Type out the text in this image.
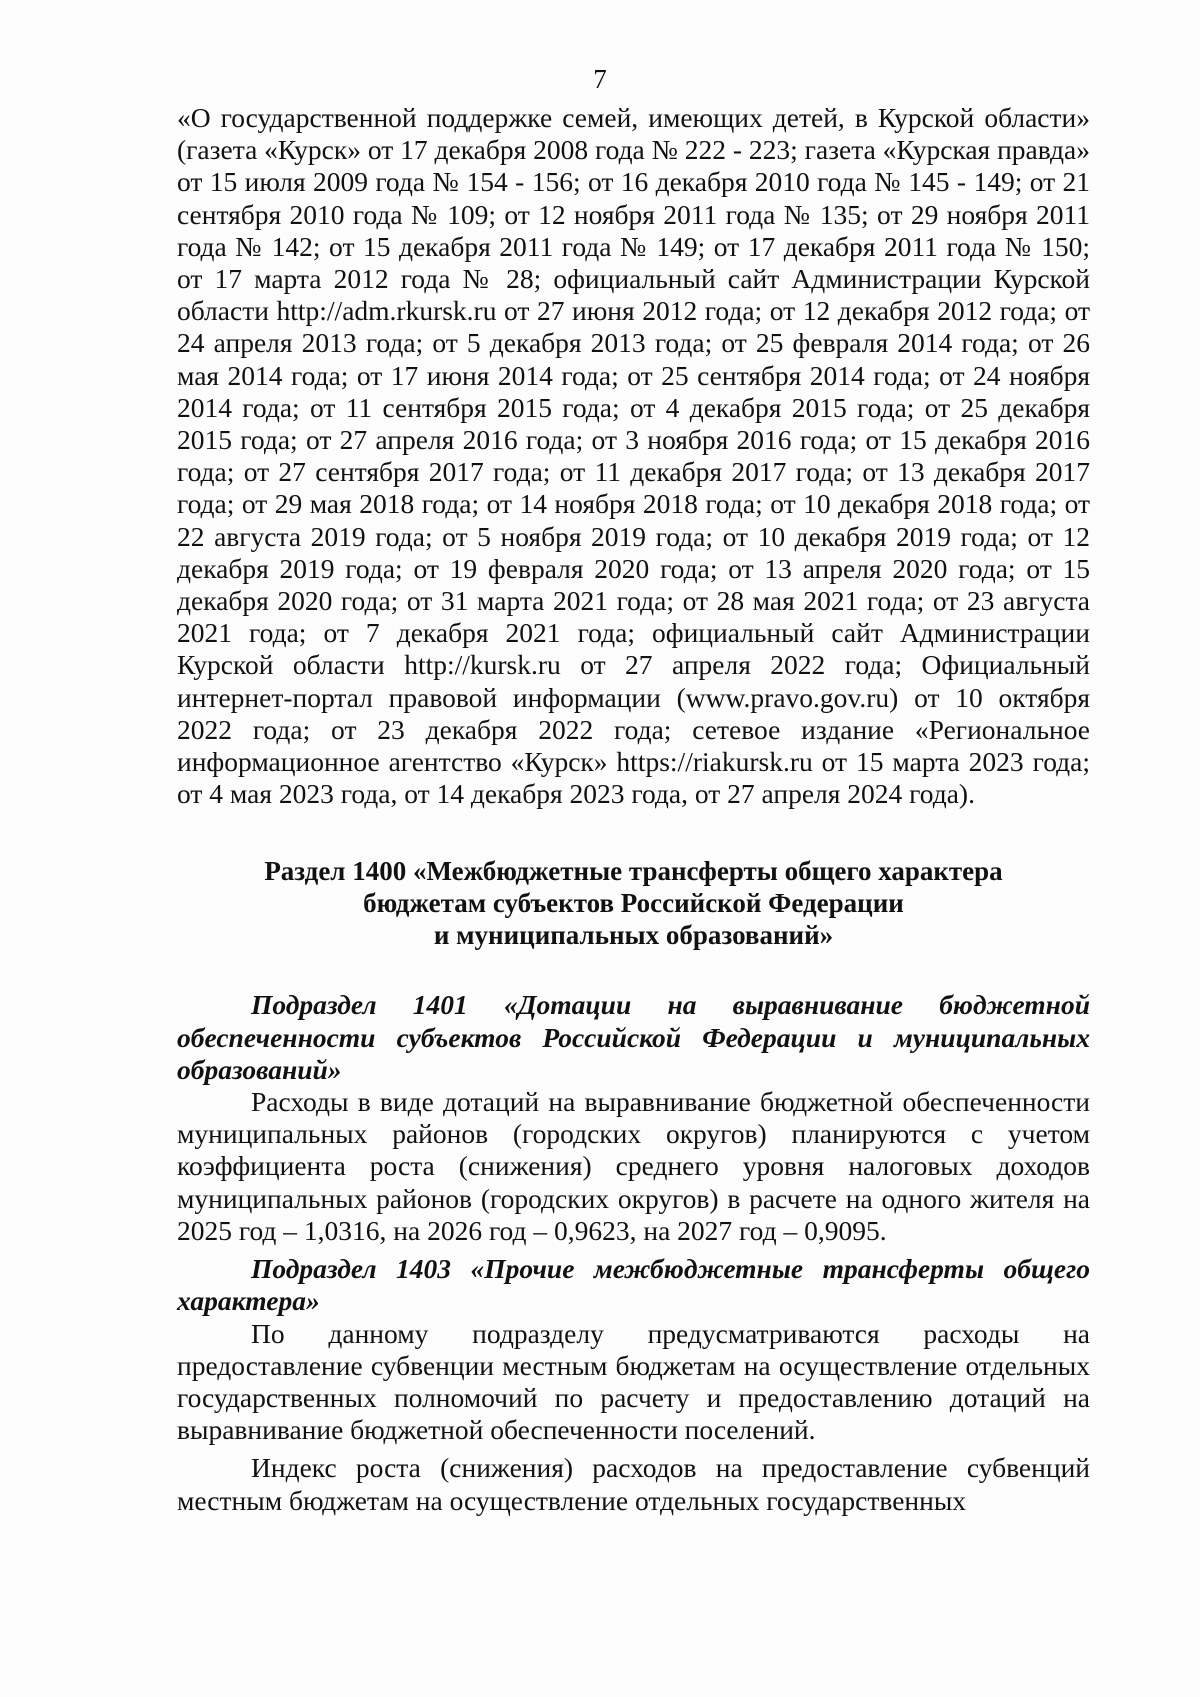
7

«О государственной поддержке семей, имеющих детей, в Курской области» (газета «Курск» от 17 декабря 2008 года № 222 - 223; газета «Курская правда» от 15 июля 2009 года № 154 - 156; от 16 декабря 2010 года № 145 - 149; от 21 сентября 2010 года № 109; от 12 ноября 2011 года № 135; от 29 ноября 2011 года № 142; от 15 декабря 2011 года № 149; от 17 декабря 2011 года № 150; от 17 марта 2012 года № 28; официальный сайт Администрации Курской области http://adm.rkursk.ru от 27 июня 2012 года; от 12 декабря 2012 года; от 24 апреля 2013 года; от 5 декабря 2013 года; от 25 февраля 2014 года; от 26 мая 2014 года; от 17 июня 2014 года; от 25 сентября 2014 года; от 24 ноября 2014 года; от 11 сентября 2015 года; от 4 декабря 2015 года; от 25 декабря 2015 года; от 27 апреля 2016 года; от 3 ноября 2016 года; от 15 декабря 2016 года; от 27 сентября 2017 года; от 11 декабря 2017 года; от 13 декабря 2017 года; от 29 мая 2018 года; от 14 ноября 2018 года; от 10 декабря 2018 года; от 22 августа 2019 года; от 5 ноября 2019 года; от 10 декабря 2019 года; от 12 декабря 2019 года; от 19 февраля 2020 года; от 13 апреля 2020 года; от 15 декабря 2020 года; от 31 марта 2021 года; от 28 мая 2021 года; от 23 августа 2021 года; от 7 декабря 2021 года; официальный сайт Администрации Курской области http://kursk.ru от 27 апреля 2022 года; Официальный интернет-портал правовой информации (www.pravo.gov.ru) от 10 октября 2022 года; от 23 декабря 2022 года; сетевое издание «Региональное информационное агентство «Курск» https://riakursk.ru от 15 марта 2023 года; от 4 мая 2023 года, от 14 декабря 2023 года, от 27 апреля 2024 года).

Раздел 1400 «Межбюджетные трансферты общего характера
бюджетам субъектов Российской Федерации
и муниципальных образований»

Подраздел 1401 «Дотации на выравнивание бюджетной обеспеченности субъектов Российской Федерации и муниципальных образований»

Расходы в виде дотаций на выравнивание бюджетной обеспеченности муниципальных районов (городских округов) планируются с учетом коэффициента роста (снижения) среднего уровня налоговых доходов муниципальных районов (городских округов) в расчете на одного жителя на 2025 год – 1,0316, на 2026 год – 0,9623, на 2027 год – 0,9095.

Подраздел 1403 «Прочие межбюджетные трансферты общего характера»

По данному подразделу предусматриваются расходы на предоставление субвенции местным бюджетам на осуществление отдельных государственных полномочий по расчету и предоставлению дотаций на выравнивание бюджетной обеспеченности поселений.

Индекс роста (снижения) расходов на предоставление субвенций местным бюджетам на осуществление отдельных государственных
